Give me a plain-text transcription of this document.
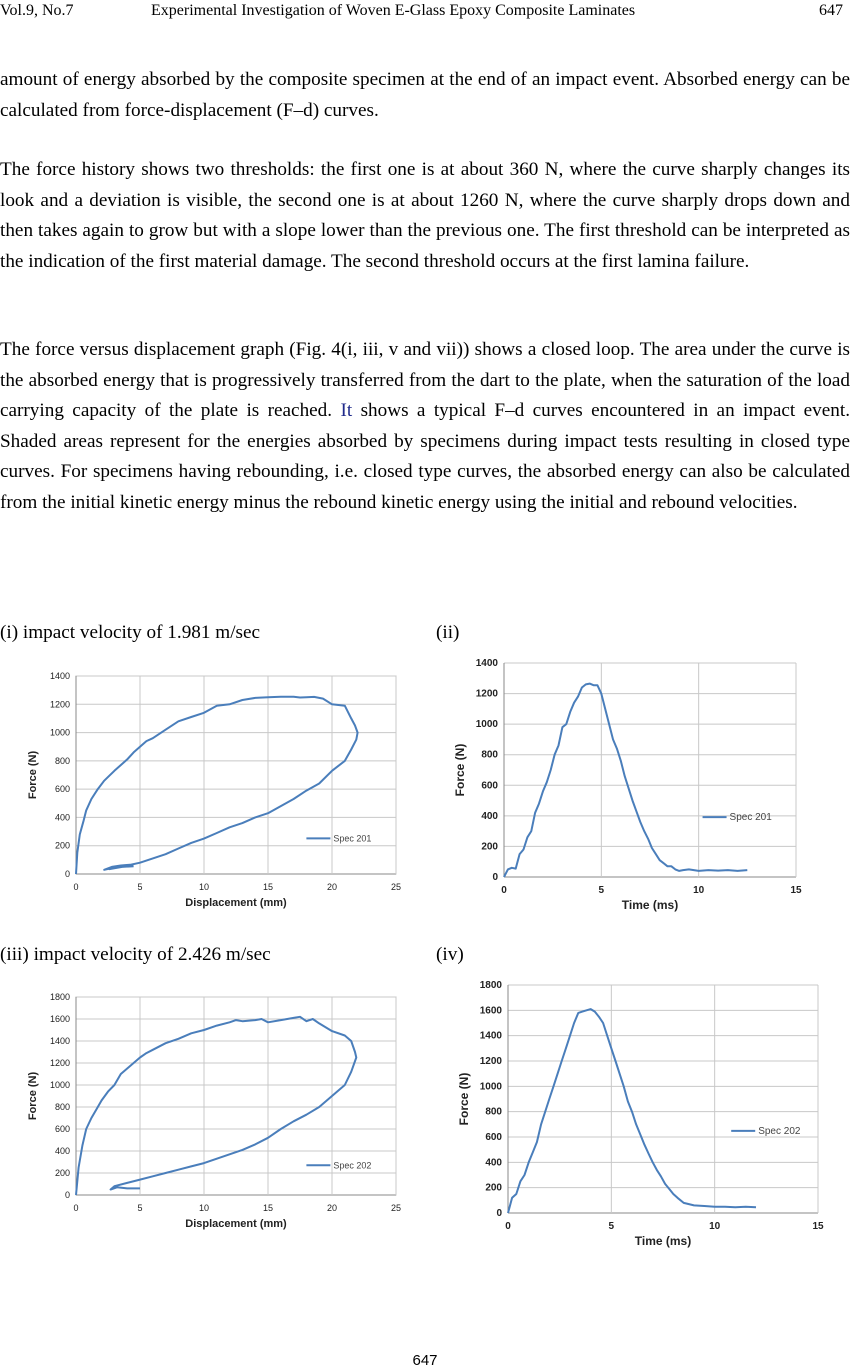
Vol.9, No.7	Experimental Investigation of Woven E-Glass Epoxy Composite Laminates	647

amount of energy absorbed by the composite specimen at the end of an impact event. Absorbed energy can be calculated from force-displacement (F–d) curves.

The force history shows two thresholds: the first one is at about 360 N, where the curve sharply changes its look and a deviation is visible, the second one is at about 1260 N, where the curve sharply drops down and then takes again to grow but with a slope lower than the previous one. The first threshold can be interpreted as the indication of the first material damage. The second threshold occurs at the first lamina failure.

The force versus displacement graph (Fig. 4(i, iii, v and vii)) shows a closed loop. The area under the curve is the absorbed energy that is progressively transferred from the dart to the plate, when the saturation of the load carrying capacity of the plate is reached. It shows a typical F–d curves encountered in an impact event. Shaded areas represent for the energies absorbed by specimens during impact tests resulting in closed type curves. For specimens having rebounding, i.e. closed type curves, the absorbed energy can also be calculated from the initial kinetic energy minus the rebound kinetic energy using the initial and rebound velocities.

(i) impact velocity of 1.981 m/sec	(ii)
(iii) impact velocity of 2.426 m/sec	(iv)
0
200
400
600
800
1000
1200
1400
0	5	10	15	20	25
Displacement (mm)
Force (N)
Spec 201
0
200
400
600
800
1000
1200
1400
0	5	10	15
Time (ms)
Force (N)
Spec 201
0
200
400
600
800
1000
1200
1400
1600
1800
0	5	10	15	20	25
Displacement (mm)
Force (N)
Spec 202
0
200
400
600
800
1000
1200
1400
1600
1800
0	5	10	15
Time (ms)
Force (N)
Spec 202
647
